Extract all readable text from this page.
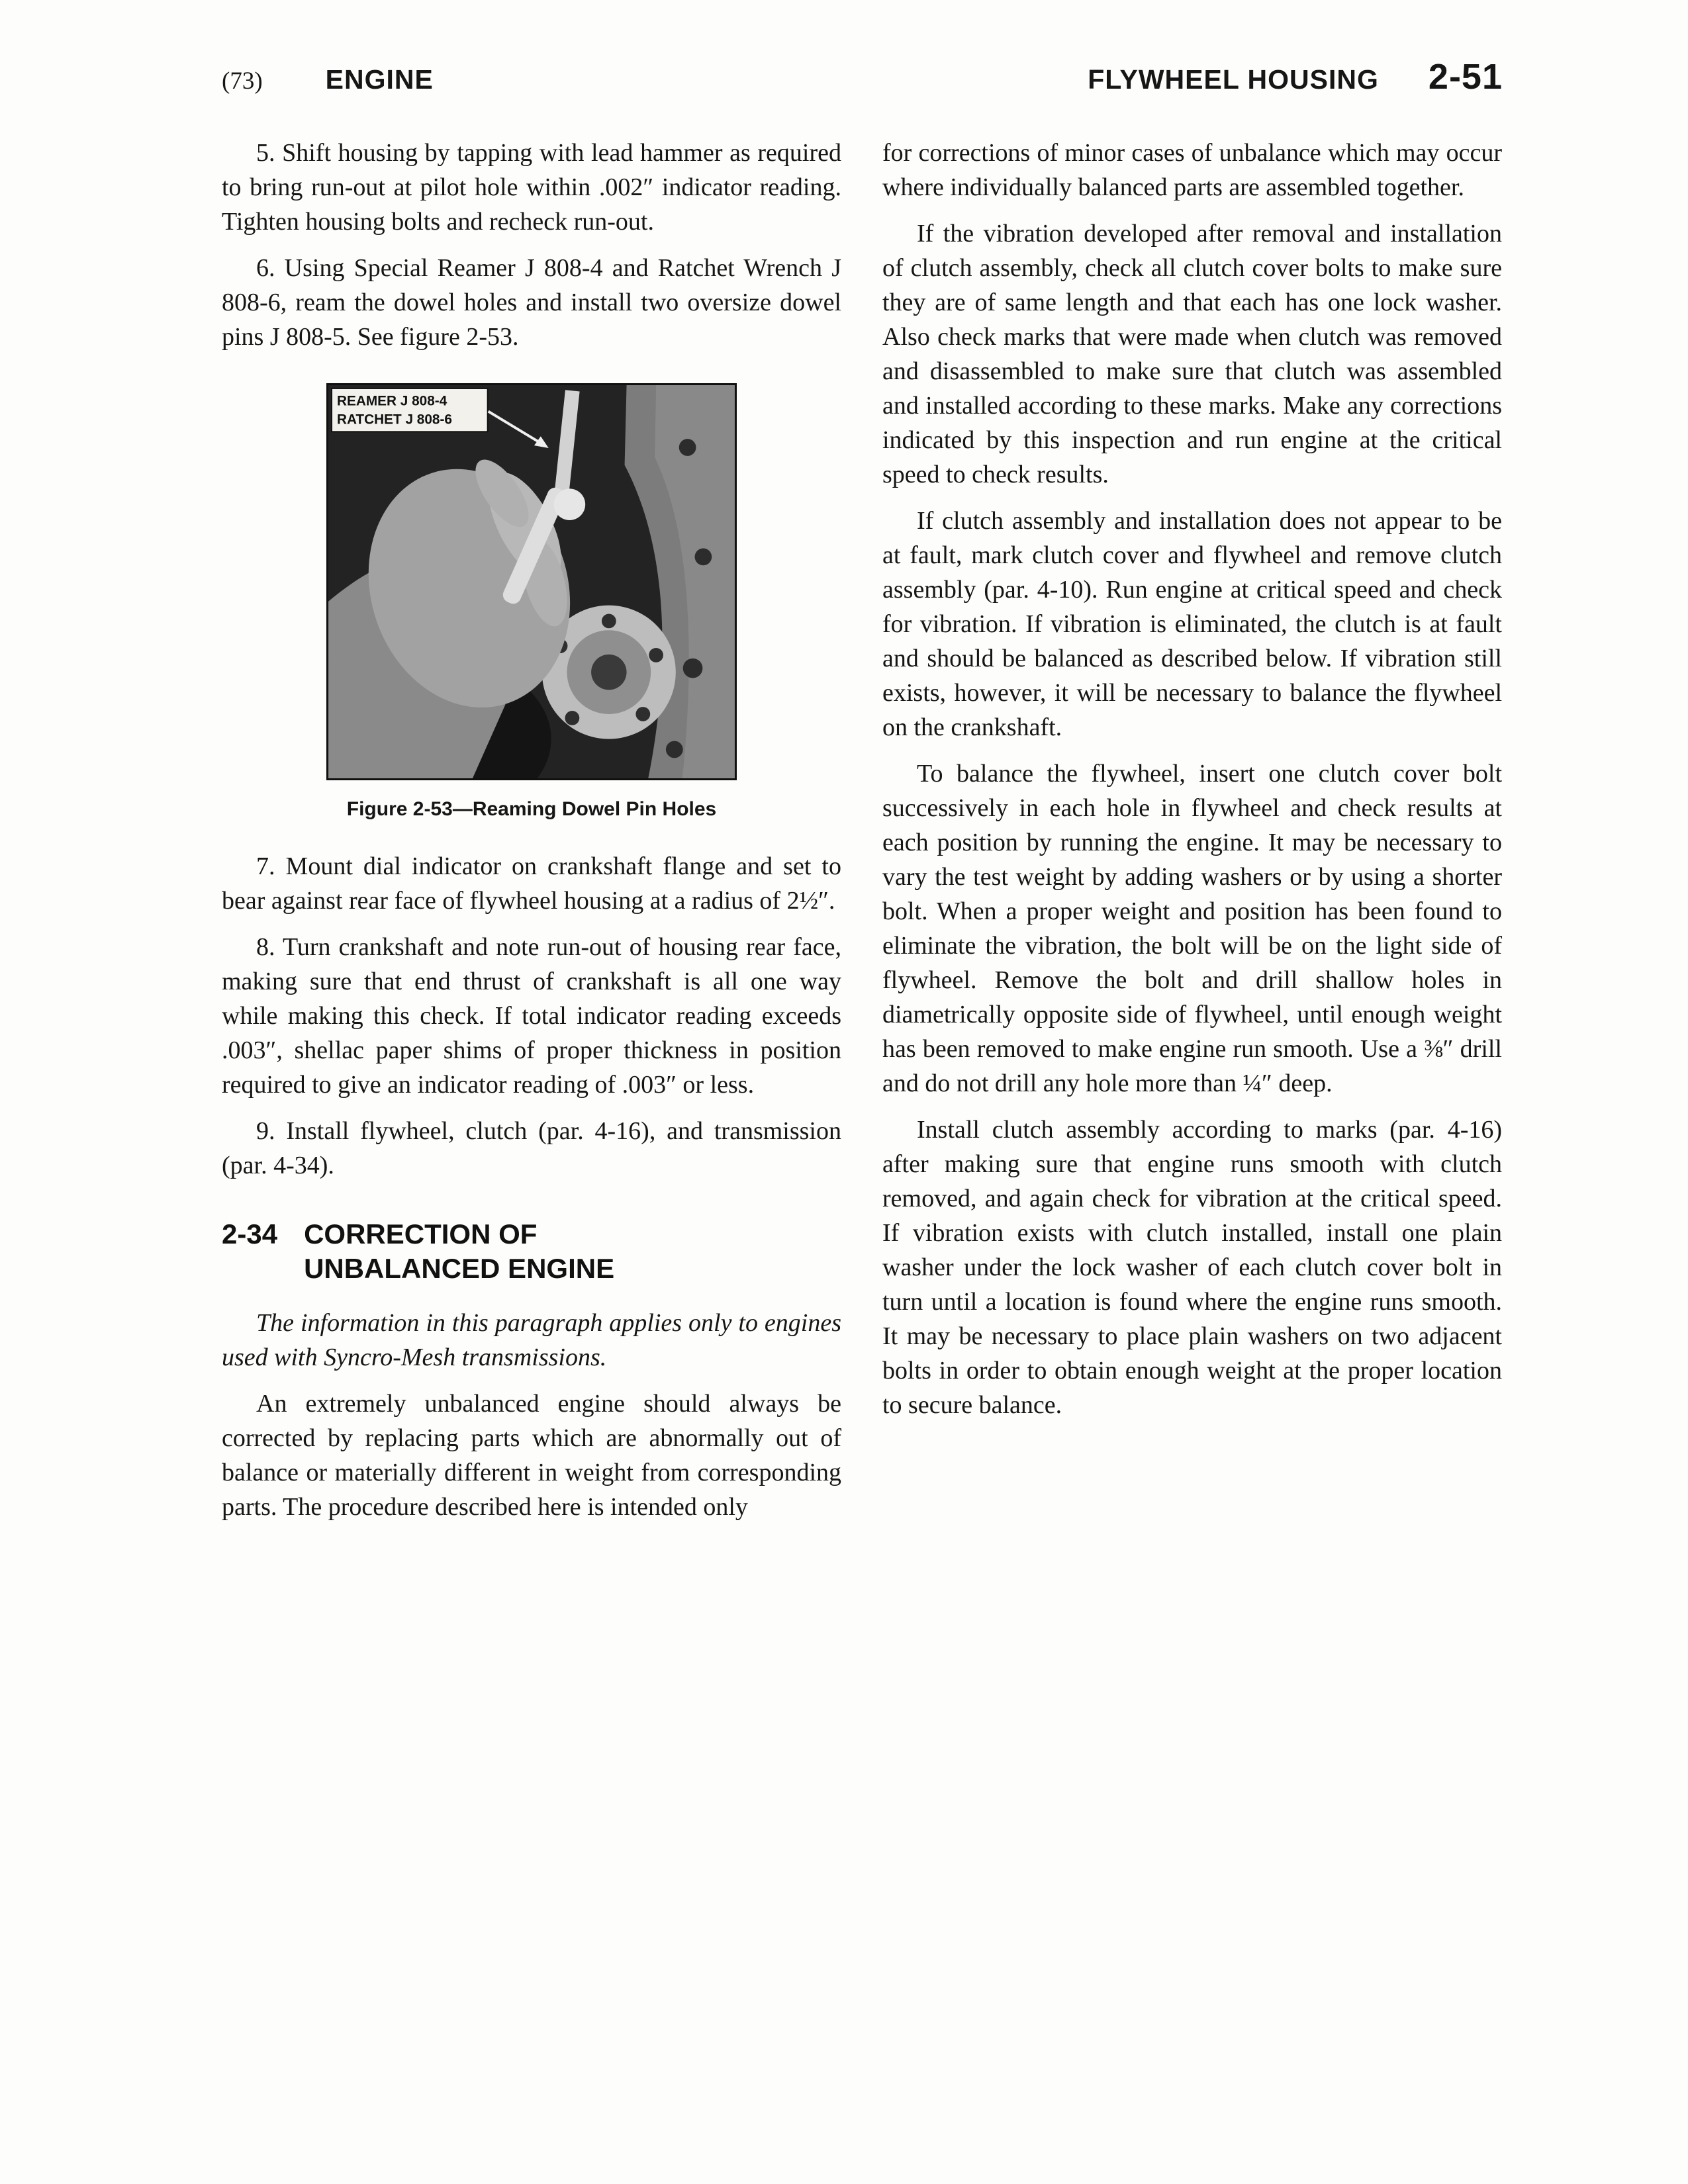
(73) ENGINE	FLYWHEEL HOUSING 2-51

5. Shift housing by tapping with lead hammer as required to bring run-out at pilot hole within .002″ indicator reading. Tighten housing bolts and recheck run-out.

6. Using Special Reamer J 808-4 and Ratchet Wrench J 808-6, ream the dowel holes and install two oversize dowel pins J 808-5. See figure 2-53.

REAMER J 808-4
RATCHET J 808-6
Figure 2-53—Reaming Dowel Pin Holes

7. Mount dial indicator on crankshaft flange and set to bear against rear face of flywheel housing at a radius of 2½″.

8. Turn crankshaft and note run-out of housing rear face, making sure that end thrust of crankshaft is all one way while making this check. If total indicator reading exceeds .003″, shellac paper shims of proper thickness in position required to give an indicator reading of .003″ or less.

9. Install flywheel, clutch (par. 4-16), and transmission (par. 4-34).

2-34 CORRECTION OF UNBALANCED ENGINE

The information in this paragraph applies only to engines used with Syncro-Mesh transmissions.

An extremely unbalanced engine should always be corrected by replacing parts which are abnormally out of balance or materially different in weight from corresponding parts. The procedure described here is intended only

for corrections of minor cases of unbalance which may occur where individually balanced parts are assembled together.

If the vibration developed after removal and installation of clutch assembly, check all clutch cover bolts to make sure they are of same length and that each has one lock washer. Also check marks that were made when clutch was removed and disassembled to make sure that clutch was assembled and installed according to these marks. Make any corrections indicated by this inspection and run engine at the critical speed to check results.

If clutch assembly and installation does not appear to be at fault, mark clutch cover and flywheel and remove clutch assembly (par. 4-10). Run engine at critical speed and check for vibration. If vibration is eliminated, the clutch is at fault and should be balanced as described below. If vibration still exists, however, it will be necessary to balance the flywheel on the crankshaft.

To balance the flywheel, insert one clutch cover bolt successively in each hole in flywheel and check results at each position by running the engine. It may be necessary to vary the test weight by adding washers or by using a shorter bolt. When a proper weight and position has been found to eliminate the vibration, the bolt will be on the light side of flywheel. Remove the bolt and drill shallow holes in diametrically opposite side of flywheel, until enough weight has been removed to make engine run smooth. Use a ⅜″ drill and do not drill any hole more than ¼″ deep.

Install clutch assembly according to marks (par. 4-16) after making sure that engine runs smooth with clutch removed, and again check for vibration at the critical speed. If vibration exists with clutch installed, install one plain washer under the lock washer of each clutch cover bolt in turn until a location is found where the engine runs smooth. It may be necessary to place plain washers on two adjacent bolts in order to obtain enough weight at the proper location to secure balance.
